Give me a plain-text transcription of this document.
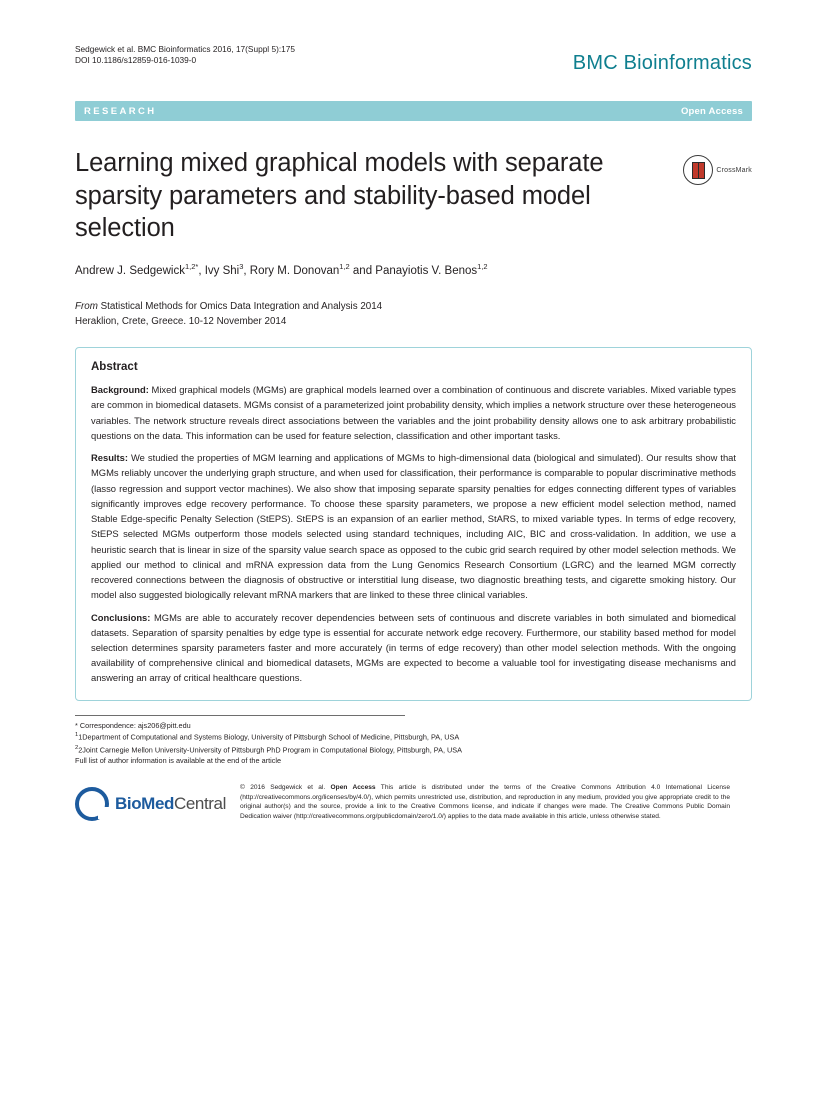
Sedgewick et al. BMC Bioinformatics 2016, 17(Suppl 5):175
DOI 10.1186/s12859-016-1039-0	BMC Bioinformatics
RESEARCH	Open Access
CrossMark
Learning mixed graphical models with separate sparsity parameters and stability-based model selection
Andrew J. Sedgewick$^{1,2*}$, Ivy Shi$^3$, Rory M. Donovan$^{1,2}$ and Panayiotis V. Benos$^{1,2}$
From Statistical Methods for Omics Data Integration and Analysis 2014
Heraklion, Crete, Greece. 10-12 November 2014
Abstract

Background: Mixed graphical models (MGMs) are graphical models learned over a combination of continuous and discrete variables. Mixed variable types are common in biomedical datasets. MGMs consist of a parameterized joint probability density, which implies a network structure over these heterogeneous variables. The network structure reveals direct associations between the variables and the joint probability density allows one to ask arbitrary probabilistic questions on the data. This information can be used for feature selection, classification and other important tasks.

Results: We studied the properties of MGM learning and applications of MGMs to high-dimensional data (biological and simulated). Our results show that MGMs reliably uncover the underlying graph structure, and when used for classification, their performance is comparable to popular discriminative methods (lasso regression and support vector machines). We also show that imposing separate sparsity penalties for edges connecting different types of variables significantly improves edge recovery performance. To choose these sparsity parameters, we propose a new efficient model selection method, named Stable Edge-specific Penalty Selection (StEPS). StEPS is an expansion of an earlier method, StARS, to mixed variable types. In terms of edge recovery, StEPS selected MGMs outperform those models selected using standard techniques, including AIC, BIC and cross-validation. In addition, we use a heuristic search that is linear in size of the sparsity value search space as opposed to the cubic grid search required by other model selection methods. We applied our method to clinical and mRNA expression data from the Lung Genomics Research Consortium (LGRC) and the learned MGM correctly recovered connections between the diagnosis of obstructive or interstitial lung disease, two diagnostic breathing tests, and cigarette smoking history. Our model also suggested biologically relevant mRNA markers that are linked to these three clinical variables.

Conclusions: MGMs are able to accurately recover dependencies between sets of continuous and discrete variables in both simulated and biomedical datasets. Separation of sparsity penalties by edge type is essential for accurate network edge recovery. Furthermore, our stability based method for model selection determines sparsity parameters faster and more accurately (in terms of edge recovery) than other model selection methods. With the ongoing availability of comprehensive clinical and biomedical datasets, MGMs are expected to become a valuable tool for investigating disease mechanisms and answering an array of critical healthcare questions.

* Correspondence: ajs206@pitt.edu
$^1$1Department of Computational and Systems Biology, University of Pittsburgh School of Medicine, Pittsburgh, PA, USA
$^2$2Joint Carnegie Mellon University-University of Pittsburgh PhD Program in Computational Biology, Pittsburgh, PA, USA
Full list of author information is available at the end of the article
BioMedCentral
© 2016 Sedgewick et al. Open Access This article is distributed under the terms of the Creative Commons Attribution 4.0 International License (http://creativecommons.org/licenses/by/4.0/), which permits unrestricted use, distribution, and reproduction in any medium, provided you give appropriate credit to the original author(s) and the source, provide a link to the Creative Commons license, and indicate if changes were made. The Creative Commons Public Domain Dedication waiver (http://creativecommons.org/publicdomain/zero/1.0/) applies to the data made available in this article, unless otherwise stated.
